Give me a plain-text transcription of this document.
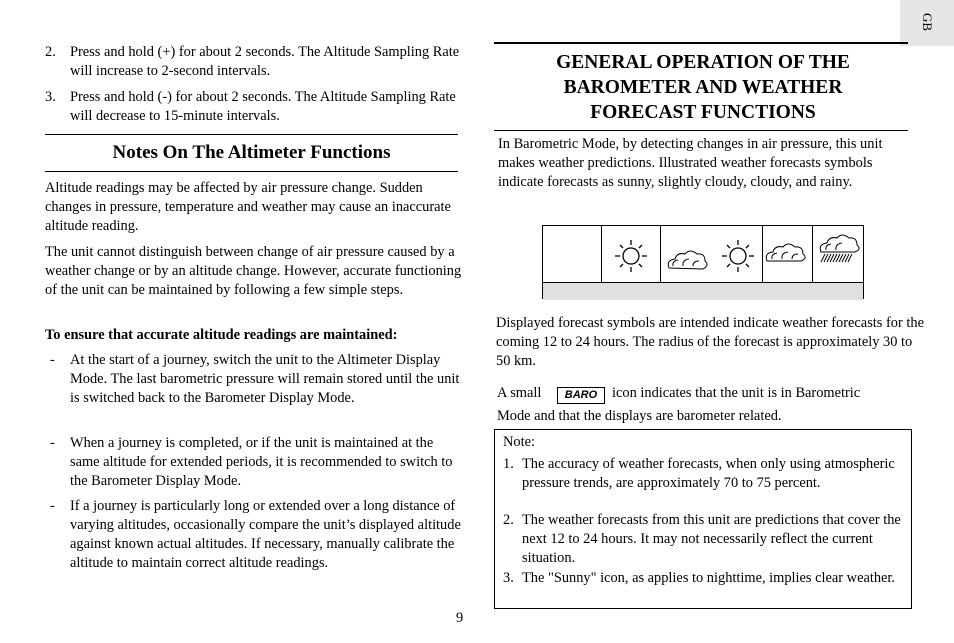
GB
2. Press and hold (+) for about 2 seconds. The Altitude Sampling Rate will increase to 2-second intervals.
3. Press and hold (-) for about 2 seconds. The Altitude Sampling Rate will decrease to 15-minute intervals.
Notes On The Altimeter Functions
Altitude readings may be affected by air pressure change. Sudden changes in pressure, temperature and weather may cause an inaccurate altitude reading.
The unit cannot distinguish between change of air pressure caused by a weather change or by an altitude change. However, accurate functioning of the unit can be maintained by following a few simple steps.
To ensure that accurate altitude readings are maintained:
- At the start of a journey, switch the unit to the Altimeter Display Mode. The last barometric pressure will remain stored until the unit is switched back to the Barometer Display Mode.
- When a journey is completed, or if the unit is maintained at the same altitude for extended periods, it is recommended to switch to the Barometer Display Mode.
- If a journey is particularly long or extended over a long distance of varying altitudes, occasionally compare the unit’s displayed altitude against known actual altitudes. If necessary, manually calibrate the altitude to maintain correct altitude readings.
9
GENERAL OPERATION OF THE
BAROMETER AND WEATHER
FORECAST FUNCTIONS
In Barometric Mode, by detecting changes in air pressure, this unit makes weather predictions. Illustrated weather forecasts symbols indicate forecasts as sunny, slightly cloudy, cloudy, and rainy.
Displayed forecast symbols are intended indicate weather forecasts for the coming 12 to 24 hours. The radius of the forecast is approximately 30 to 50 km.
A small	BARO	icon indicates that the unit is in Barometric
Mode and that the displays are barometer related.
Note:
1. The accuracy of weather forecasts, when only using atmospheric pressure trends, are approximately 70 to 75 percent.
2. The weather forecasts from this unit are predictions that cover the next 12 to 24 hours. It may not necessarily reflect the current situation.
3. The "Sunny" icon, as applies to nighttime, implies clear weather.
